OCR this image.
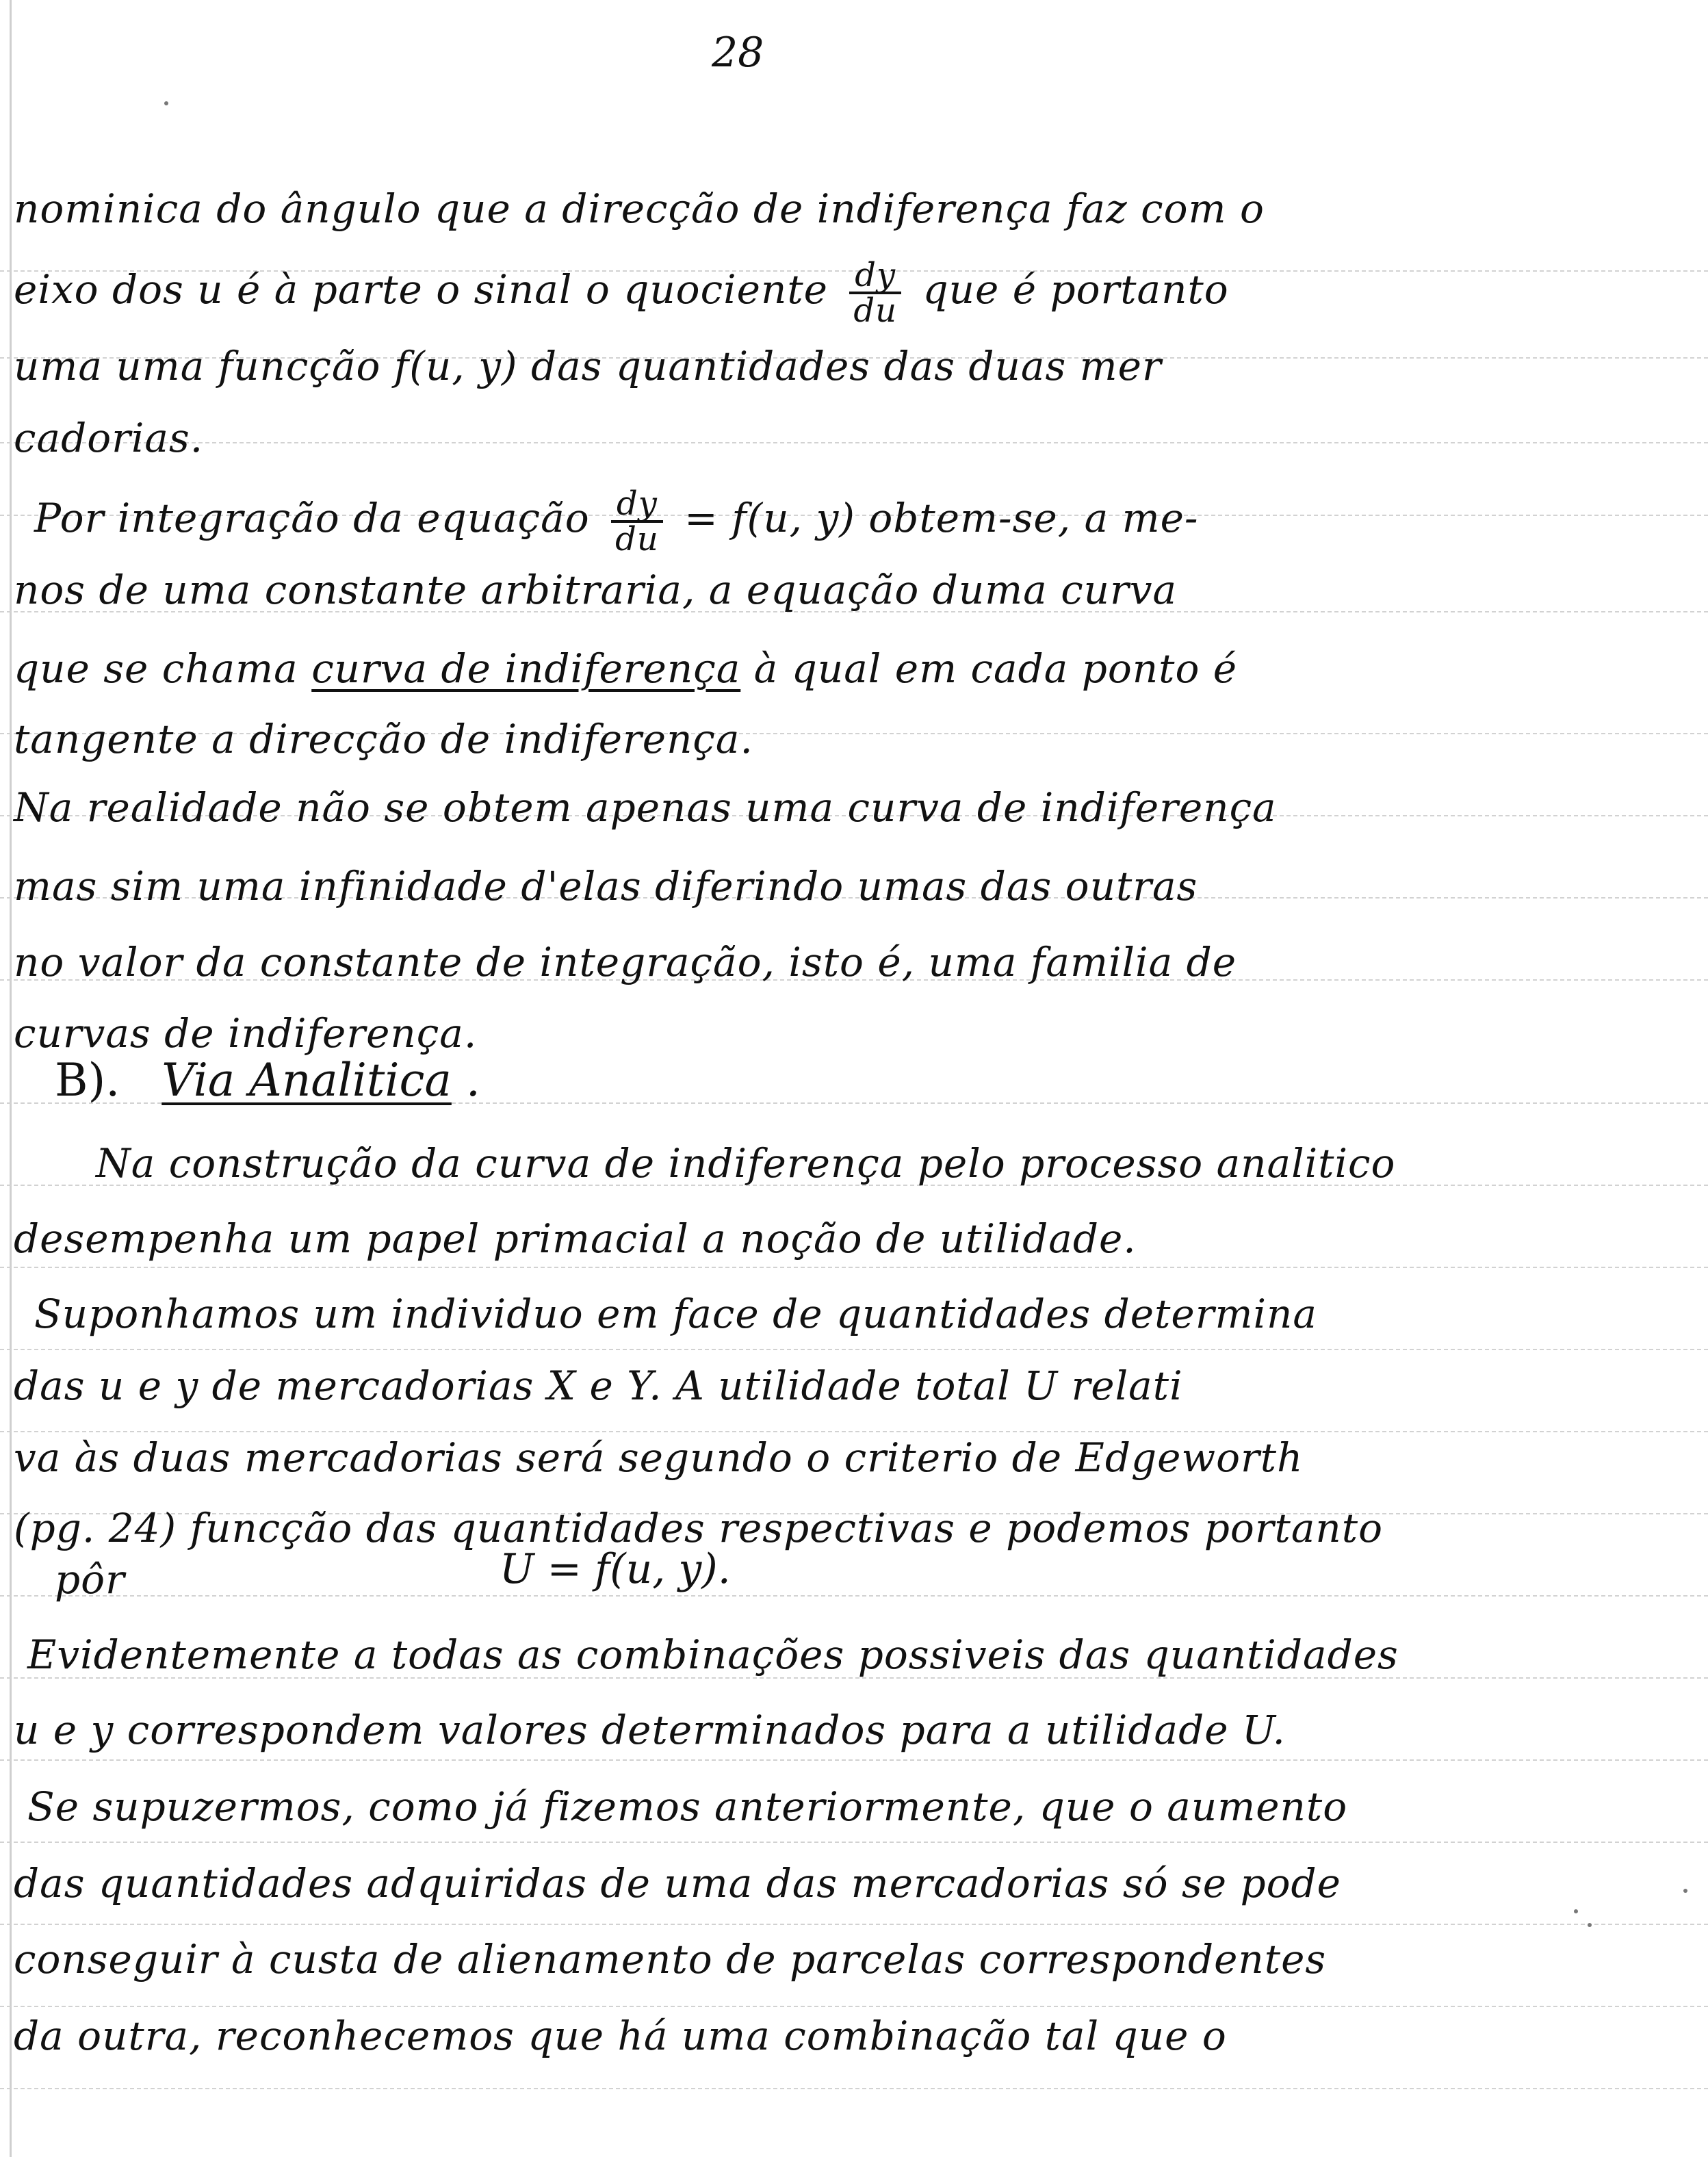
28
nominica do ângulo que a direcção de indiferença faz com o
eixo dos u é à parte o sinal o quociente $\frac{dy}{du}$ que é portanto
uma uma funcção f(u, y) das quantidades das duas mer
cadorias.
Por integração da equação $\frac{dy}{du} = f(u$, y) obtem-se, a me-
nos de uma constante arbitraria, a equação duma curva
que se chama curva de indiferença à qual em cada ponto é
tangente a direcção de indiferença.
Na realidade não se obtem apenas uma curva de indiferença
mas sim uma infinidade d'elas diferindo umas das outras
no valor da constante de integração, isto é, uma familia de
curvas de indiferença.
B). Via Analitica .
Na construção da curva de indiferença pelo processo analitico
desempenha um papel primacial a noção de utilidade.
Suponhamos um individuo em face de quantidades determina
das u e y de mercadorias X e Y. A utilidade total U relati
va às duas mercadorias será segundo o criterio de Edgeworth
(pg. 24) funcção das quantidades respectivas e podemos portanto
pôr	U = f(u, y).
Evidentemente a todas as combinações possiveis das quantidades
u e y correspondem valores determinados para a utilidade U.
Se supuzermos, como já fizemos anteriormente, que o aumento
das quantidades adquiridas de uma das mercadorias só se pode
conseguir à custa de alienamento de parcelas correspondentes
da outra, reconhecemos que há uma combinação tal que o
